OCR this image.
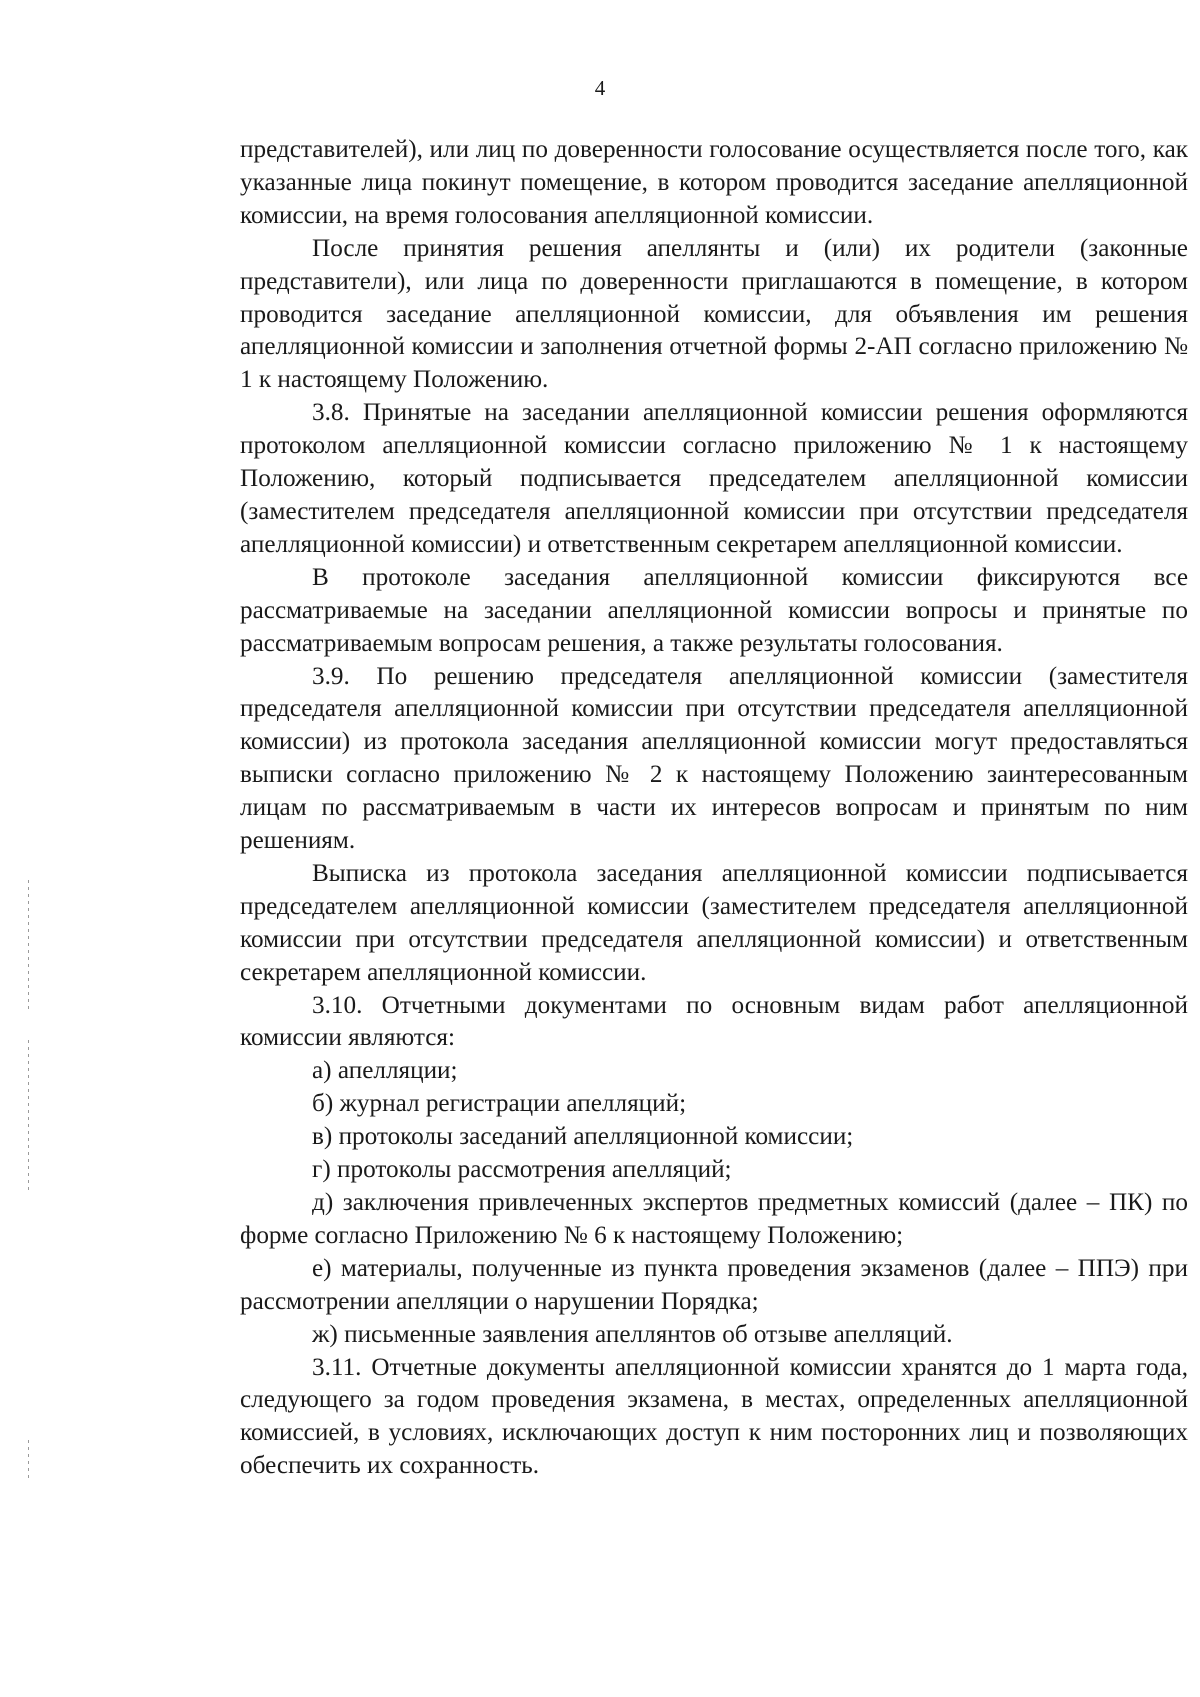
4

представителей), или лиц по доверенности голосование осуществляется после того, как указанные лица покинут помещение, в котором проводится заседание апелляционной комиссии, на время голосования апелляционной комиссии.

После принятия решения апеллянты и (или) их родители (законные представители), или лица по доверенности приглашаются в помещение, в котором проводится заседание апелляционной комиссии, для объявления им решения апелляционной комиссии и заполнения отчетной формы 2-АП согласно приложению № 1 к настоящему Положению.

3.8. Принятые на заседании апелляционной комиссии решения оформляются протоколом апелляционной комиссии согласно приложению № 1 к настоящему Положению, который подписывается председателем апелляционной комиссии (заместителем председателя апелляционной комиссии при отсутствии председателя апелляционной комиссии) и ответственным секретарем апелляционной комиссии.

В протоколе заседания апелляционной комиссии фиксируются все рассматриваемые на заседании апелляционной комиссии вопросы и принятые по рассматриваемым вопросам решения, а также результаты голосования.

3.9. По решению председателя апелляционной комиссии (заместителя председателя апелляционной комиссии при отсутствии председателя апелляционной комиссии) из протокола заседания апелляционной комиссии могут предоставляться выписки согласно приложению № 2 к настоящему Положению заинтересованным лицам по рассматриваемым в части их интересов вопросам и принятым по ним решениям.

Выписка из протокола заседания апелляционной комиссии подписывается председателем апелляционной комиссии (заместителем председателя апелляционной комиссии при отсутствии председателя апелляционной комиссии) и ответственным секретарем апелляционной комиссии.

3.10. Отчетными документами по основным видам работ апелляционной комиссии являются:

а) апелляции;

б) журнал регистрации апелляций;

в) протоколы заседаний апелляционной комиссии;

г) протоколы рассмотрения апелляций;

д) заключения привлеченных экспертов предметных комиссий (далее – ПК) по форме согласно Приложению № 6 к настоящему Положению;

е) материалы, полученные из пункта проведения экзаменов (далее – ППЭ) при рассмотрении апелляции о нарушении Порядка;

ж) письменные заявления апеллянтов об отзыве апелляций.

3.11. Отчетные документы апелляционной комиссии хранятся до 1 марта года, следующего за годом проведения экзамена, в местах, определенных апелляционной комиссией, в условиях, исключающих доступ к ним посторонних лиц и позволяющих обеспечить их сохранность.
